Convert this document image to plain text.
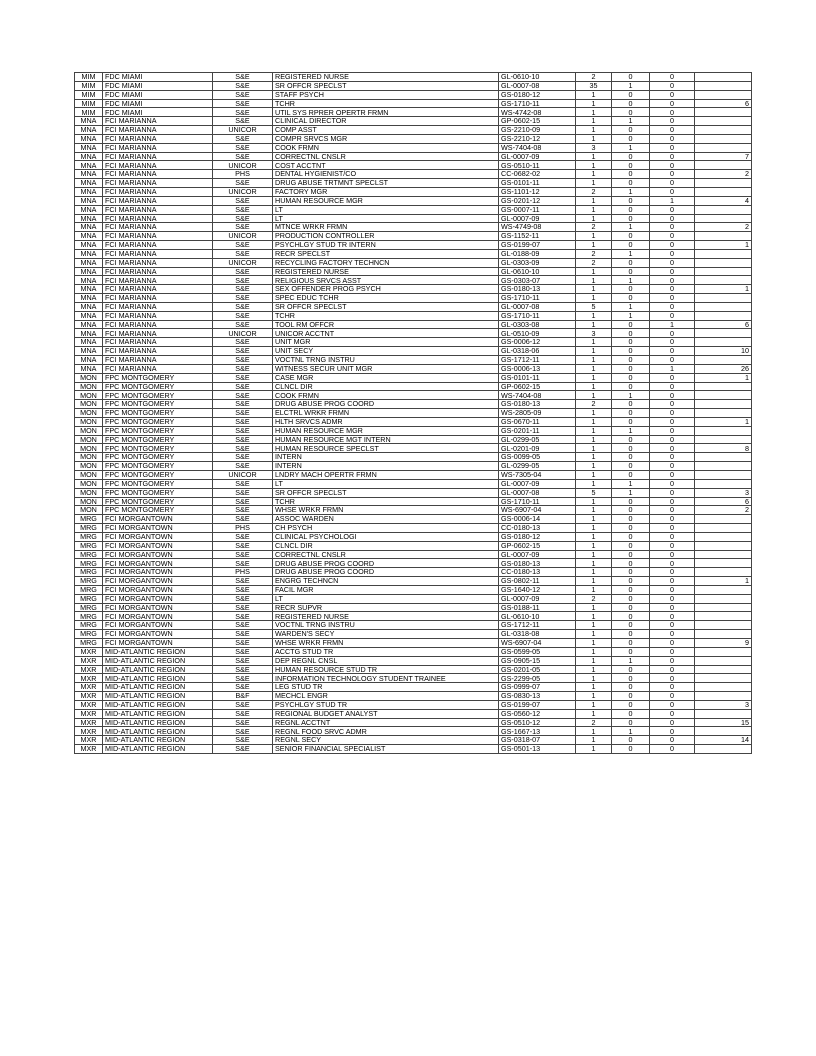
MIM	FDC MIAMI	S&E	REGISTERED NURSE	GL-0610-10	2	0	0	
MIM	FDC MIAMI	S&E	SR OFFCR SPECLST	GL-0007-08	35	1	0	
MIM	FDC MIAMI	S&E	STAFF PSYCH	GS-0180-12	1	0	0	
MIM	FDC MIAMI	S&E	TCHR	GS-1710-11	1	0	0	6
MIM	FDC MIAMI	S&E	UTIL SYS RPRER OPERTR FRMN	WS-4742-08	1	0	0	
MNA	FCI MARIANNA	S&E	CLINICAL DIRECTOR	GP-0602-15	1	1	0	
MNA	FCI MARIANNA	UNICOR	COMP ASST	GS-2210-09	1	0	0	
MNA	FCI MARIANNA	S&E	COMPR SRVCS MGR	GS-2210-12	1	0	0	
MNA	FCI MARIANNA	S&E	COOK FRMN	WS-7404-08	3	1	0	
MNA	FCI MARIANNA	S&E	CORRECTNL CNSLR	GL-0007-09	1	0	0	7
MNA	FCI MARIANNA	UNICOR	COST ACCTNT	GS-0510-11	1	0	0	
MNA	FCI MARIANNA	PHS	DENTAL HYGIENIST/CO	CC-0682-02	1	0	0	2
MNA	FCI MARIANNA	S&E	DRUG ABUSE TRTMNT SPECLST	GS-0101-11	1	0	0	
MNA	FCI MARIANNA	UNICOR	FACTORY MGR	GS-1101-12	2	1	0	
MNA	FCI MARIANNA	S&E	HUMAN RESOURCE MGR	GS-0201-12	1	0	1	4
MNA	FCI MARIANNA	S&E	LT	GS-0007-11	1	0	0	
MNA	FCI MARIANNA	S&E	LT	GL-0007-09	1	0	0	
MNA	FCI MARIANNA	S&E	MTNCE WRKR FRMN	WS-4749-08	2	1	0	2
MNA	FCI MARIANNA	UNICOR	PRODUCTION CONTROLLER	GS-1152-11	1	0	0	
MNA	FCI MARIANNA	S&E	PSYCHLGY STUD TR INTERN	GS-0199-07	1	0	0	1
MNA	FCI MARIANNA	S&E	RECR SPECLST	GL-0188-09	2	1	0	
MNA	FCI MARIANNA	UNICOR	RECYCLING FACTORY TECHNCN	GL-0303-09	2	0	0	
MNA	FCI MARIANNA	S&E	REGISTERED NURSE	GL-0610-10	1	0	0	
MNA	FCI MARIANNA	S&E	RELIGIOUS SRVCS ASST	GS-0303-07	1	1	0	
MNA	FCI MARIANNA	S&E	SEX OFFENDER PROG PSYCH	GS-0180-13	1	0	0	1
MNA	FCI MARIANNA	S&E	SPEC EDUC TCHR	GS-1710-11	1	0	0	
MNA	FCI MARIANNA	S&E	SR OFFCR SPECLST	GL-0007-08	5	1	0	
MNA	FCI MARIANNA	S&E	TCHR	GS-1710-11	1	1	0	
MNA	FCI MARIANNA	S&E	TOOL RM OFFCR	GL-0303-08	1	0	1	6
MNA	FCI MARIANNA	UNICOR	UNICOR ACCTNT	GL-0510-09	3	0	0	
MNA	FCI MARIANNA	S&E	UNIT MGR	GS-0006-12	1	0	0	
MNA	FCI MARIANNA	S&E	UNIT SECY	GL-0318-06	1	0	0	10
MNA	FCI MARIANNA	S&E	VOCTNL TRNG INSTRU	GS-1712-11	1	0	0	
MNA	FCI MARIANNA	S&E	WITNESS SECUR UNIT MGR	GS-0006-13	1	0	1	26
MON	FPC MONTGOMERY	S&E	CASE MGR	GS-0101-11	1	0	0	1
MON	FPC MONTGOMERY	S&E	CLNCL DIR	GP-0602-15	1	0	0	
MON	FPC MONTGOMERY	S&E	COOK FRMN	WS-7404-08	1	1	0	
MON	FPC MONTGOMERY	S&E	DRUG ABUSE PROG COORD	GS-0180-13	2	0	0	
MON	FPC MONTGOMERY	S&E	ELCTRL WRKR FRMN	WS-2805-09	1	0	0	
MON	FPC MONTGOMERY	S&E	HLTH SRVCS ADMR	GS-0670-11	1	0	0	1
MON	FPC MONTGOMERY	S&E	HUMAN RESOURCE MGR	GS-0201-11	1	1	0	
MON	FPC MONTGOMERY	S&E	HUMAN RESOURCE MGT INTERN	GL-0299-05	1	0	0	
MON	FPC MONTGOMERY	S&E	HUMAN RESOURCE SPECLST	GL-0201-09	1	0	0	8
MON	FPC MONTGOMERY	S&E	INTERN	GS-0099-05	1	0	0	
MON	FPC MONTGOMERY	S&E	INTERN	GL-0299-05	1	0	0	
MON	FPC MONTGOMERY	UNICOR	LNDRY MACH OPERTR FRMN	WS-7305-04	1	0	0	
MON	FPC MONTGOMERY	S&E	LT	GL-0007-09	1	1	0	
MON	FPC MONTGOMERY	S&E	SR OFFCR SPECLST	GL-0007-08	5	1	0	3
MON	FPC MONTGOMERY	S&E	TCHR	GS-1710-11	1	0	0	6
MON	FPC MONTGOMERY	S&E	WHSE WRKR FRMN	WS-6907-04	1	0	0	2
MRG	FCI MORGANTOWN	S&E	ASSOC WARDEN	GS-0006-14	1	0	0	
MRG	FCI MORGANTOWN	PHS	CH PSYCH	CC-0180-13	1	0	0	
MRG	FCI MORGANTOWN	S&E	CLINICAL PSYCHOLOGI	GS-0180-12	1	0	0	
MRG	FCI MORGANTOWN	S&E	CLNCL DIR	GP-0602-15	1	0	0	
MRG	FCI MORGANTOWN	S&E	CORRECTNL CNSLR	GL-0007-09	1	0	0	
MRG	FCI MORGANTOWN	S&E	DRUG ABUSE PROG COORD	GS-0180-13	1	0	0	
MRG	FCI MORGANTOWN	PHS	DRUG ABUSE PROG COORD	CC-0180-13	1	0	0	
MRG	FCI MORGANTOWN	S&E	ENGRG TECHNCN	GS-0802-11	1	0	0	1
MRG	FCI MORGANTOWN	S&E	FACIL MGR	GS-1640-12	1	0	0	
MRG	FCI MORGANTOWN	S&E	LT	GL-0007-09	2	0	0	
MRG	FCI MORGANTOWN	S&E	RECR SUPVR	GS-0188-11	1	0	0	
MRG	FCI MORGANTOWN	S&E	REGISTERED NURSE	GL-0610-10	1	0	0	
MRG	FCI MORGANTOWN	S&E	VOCTNL TRNG INSTRU	GS-1712-11	1	0	0	
MRG	FCI MORGANTOWN	S&E	WARDEN'S SECY	GL-0318-08	1	0	0	
MRG	FCI MORGANTOWN	S&E	WHSE WRKR FRMN	WS-6907-04	1	0	0	9
MXR	MID-ATLANTIC REGION	S&E	ACCTG STUD TR	GS-0599-05	1	0	0	
MXR	MID-ATLANTIC REGION	S&E	DEP REGNL CNSL	GS-0905-15	1	1	0	
MXR	MID-ATLANTIC REGION	S&E	HUMAN RESOURCE STUD TR	GS-0201-05	1	0	0	
MXR	MID-ATLANTIC REGION	S&E	INFORMATION TECHNOLOGY STUDENT TRAINEE	GS-2299-05	1	0	0	
MXR	MID-ATLANTIC REGION	S&E	LEG STUD TR	GS-0999-07	1	0	0	
MXR	MID-ATLANTIC REGION	B&F	MECHCL ENGR	GS-0830-13	1	0	0	
MXR	MID-ATLANTIC REGION	S&E	PSYCHLGY STUD TR	GS-0199-07	1	0	0	3
MXR	MID-ATLANTIC REGION	S&E	REGIONAL BUDGET ANALYST	GS-0560-12	1	0	0	
MXR	MID-ATLANTIC REGION	S&E	REGNL ACCTNT	GS-0510-12	2	0	0	15
MXR	MID-ATLANTIC REGION	S&E	REGNL FOOD SRVC ADMR	GS-1667-13	1	1	0	
MXR	MID-ATLANTIC REGION	S&E	REGNL SECY	GS-0318-07	1	0	0	14
MXR	MID-ATLANTIC REGION	S&E	SENIOR FINANCIAL SPECIALIST	GS-0501-13	1	0	0	
